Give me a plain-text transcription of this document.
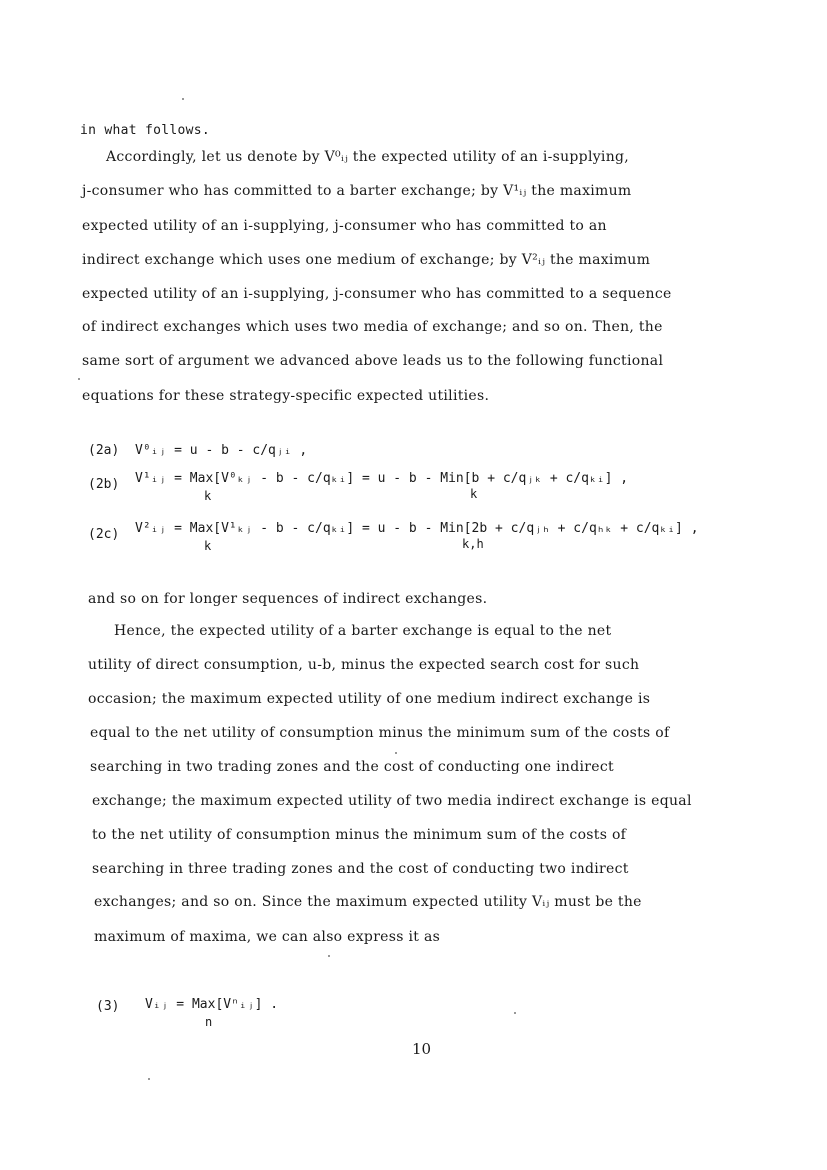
in what follows.
Accordingly, let us denote by V⁰ᵢⱼ the expected utility of an i-supplying,
j-consumer who has committed to a barter exchange; by V¹ᵢⱼ the maximum
expected utility of an i-supplying, j-consumer who has committed to an
indirect exchange which uses one medium of exchange; by V²ᵢⱼ the maximum
expected utility of an i-supplying, j-consumer who has committed to a sequence
of indirect exchanges which uses two media of exchange; and so on. Then, the
same sort of argument we advanced above leads us to the following functional
equations for these strategy-specific expected utilities.
(2a) V⁰ᵢⱼ = u - b - c/qⱼᵢ ,
(2b) V¹ᵢⱼ = Max[V⁰ₖⱼ - b - c/qₖᵢ] = u - b - Min[b + c/qⱼₖ + c/qₖᵢ] ,
k	k
(2c) V²ᵢⱼ = Max[V¹ₖⱼ - b - c/qₖᵢ] = u - b - Min[2b + c/qⱼₕ + c/qₕₖ + c/qₖᵢ] ,
k	k,h
and so on for longer sequences of indirect exchanges.
Hence, the expected utility of a barter exchange is equal to the net
utility of direct consumption, u-b, minus the expected search cost for such
occasion; the maximum expected utility of one medium indirect exchange is
equal to the net utility of consumption minus the minimum sum of the costs of
searching in two trading zones and the cost of conducting one indirect
exchange; the maximum expected utility of two media indirect exchange is equal
to the net utility of consumption minus the minimum sum of the costs of
searching in three trading zones and the cost of conducting two indirect
exchanges; and so on. Since the maximum expected utility Vᵢⱼ must be the
maximum of maxima, we can also express it as
(3) Vᵢⱼ = Max[Vⁿᵢⱼ] .
n
10
